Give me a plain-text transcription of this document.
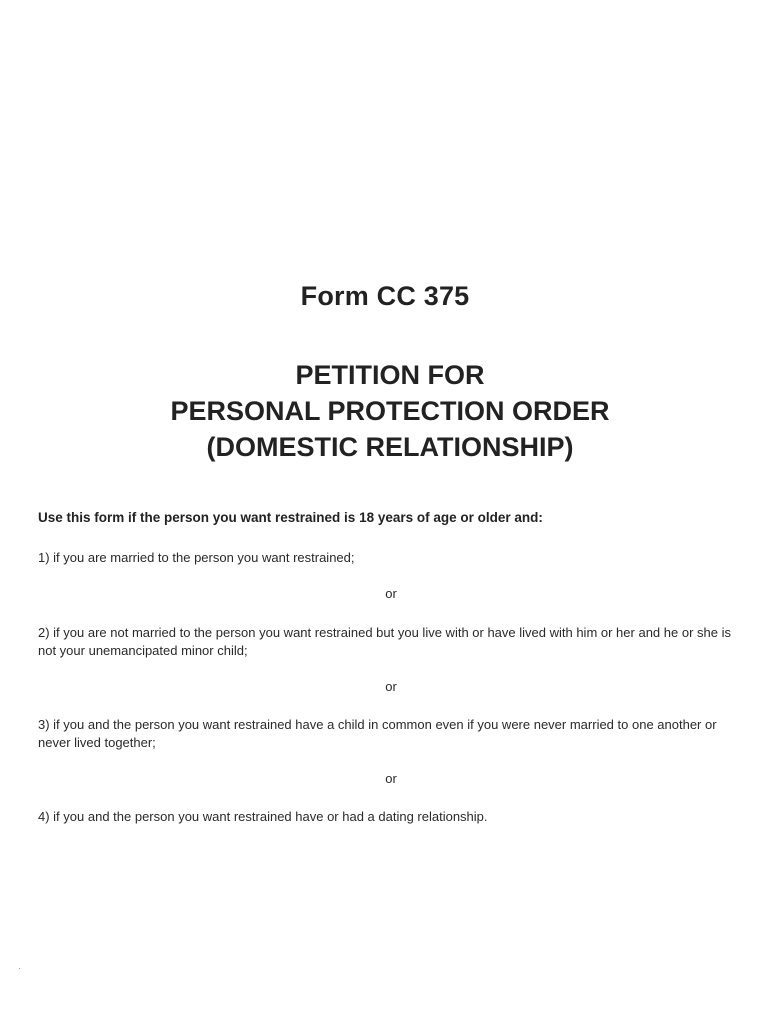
Form CC 375
PETITION FOR
PERSONAL PROTECTION ORDER
(DOMESTIC RELATIONSHIP)
Use this form if the person you want restrained is 18 years of age or older and:
1) if you are married to the person you want restrained;
or
2) if you are not married to the person you want restrained but you live with or have lived with him or her and he or she is not your unemancipated minor child;
or
3) if you and the person you want restrained have a child in common even if you were never married to one another or never lived together;
or
4) if you and the person you want restrained have or had a dating relationship.
